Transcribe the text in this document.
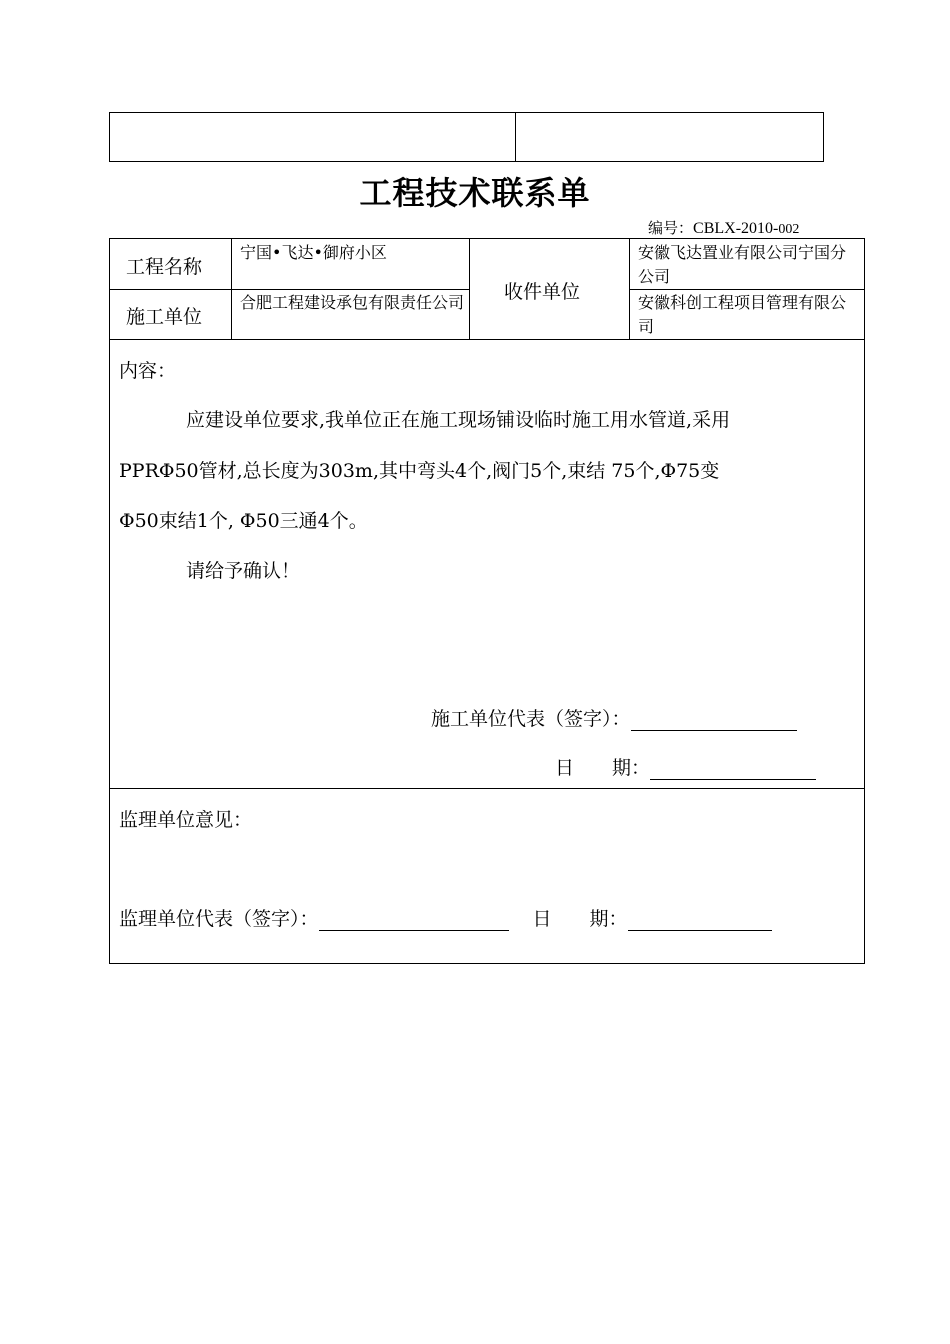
工程技术联系单
编号：CBLX-2010-002
工程名称
宁国•飞达•御府小区
施工单位
合肥工程建设承包有限责任公司 收件单位
安徽飞达置业有限公司宁国分公司
安徽科创工程项目管理有限公司
内容：
应建设单位要求,我单位正在施工现场铺设临时施工用水管道,采用
PPRΦ50管材,总长度为303m,其中弯头4个,阀门5个,束结 75个,Φ75变
Φ50束结1个, Φ50三通4个。
请给予确认！
施工单位代表（签字）：
日　　期：
监理单位意见：
监理单位代表（签字）：	日　　期：
